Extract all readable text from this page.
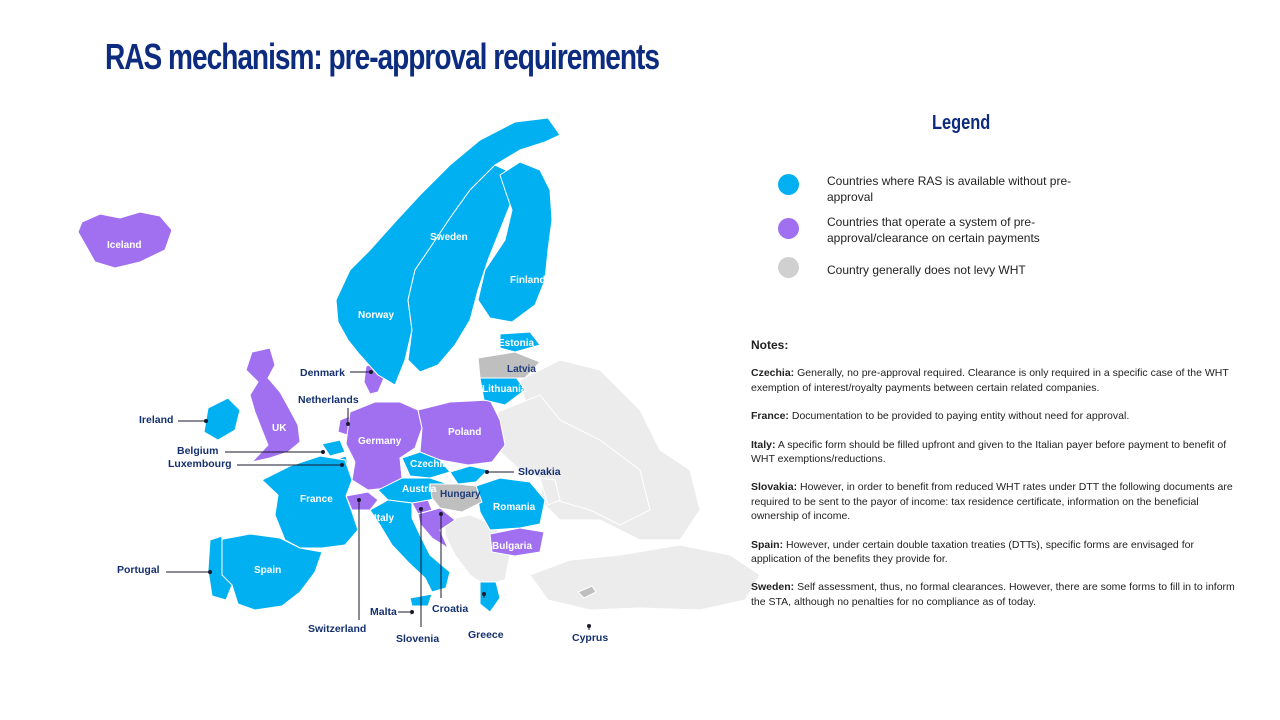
RAS mechanism: pre-approval requirements
Iceland
Norway
Sweden
Finland
Estonia
Latvia
Lithuania
UK
Germany
Poland
Czechia
Austria Hungary
France
Romania
Italy
Bulgaria
Spain
Denmark
Netherlands
Ireland
Belgium
Luxembourg
Slovakia
Portugal
Malta	Croatia
Switzerland
Slovenia	Greece	Cyprus
Legend
Countries where RAS is available without pre-approval
Countries that operate a system of pre-approval/clearance on certain payments
Country generally does not levy WHT
Notes:
Czechia: Generally, no pre-approval required. Clearance is only required in a specific case of the WHT exemption of interest/royalty payments between certain related companies.
France: Documentation to be provided to paying entity without need for approval.
Italy: A specific form should be filled upfront and given to the Italian payer before payment to benefit of WHT exemptions/reductions.
Slovakia: However, in order to benefit from reduced WHT rates under DTT the following documents are required to be sent to the payor of income: tax residence certificate, information on the beneficial ownership of income.
Spain: However, under certain double taxation treaties (DTTs), specific forms are envisaged for application of the benefits they provide for.
Sweden: Self assessment, thus, no formal clearances. However, there are some forms to fill in to inform the STA, although no penalties for no compliance as of today.
